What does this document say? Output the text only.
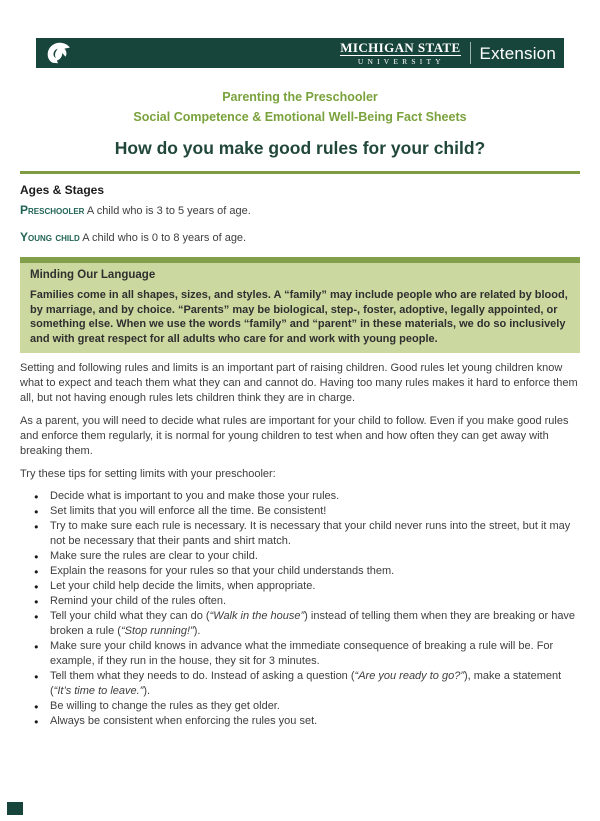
MICHIGAN STATE
UNIVERSITY	Extension
Parenting the Preschooler
Social Competence & Emotional Well-Being Fact Sheets
How do you make good rules for your child?
Ages & Stages
Preschooler A child who is 3 to 5 years of age.
Young child A child who is 0 to 8 years of age.
Minding Our Language
Families come in all shapes, sizes, and styles. A “family” may include people who are related by blood, by marriage, and by choice. “Parents” may be biological, step-, foster, adoptive, legally appointed, or something else. When we use the words “family” and “parent” in these materials, we do so inclusively and with great respect for all adults who care for and work with young people.

Setting and following rules and limits is an important part of raising children. Good rules let young children know what to expect and teach them what they can and cannot do. Having too many rules makes it hard to enforce them all, but not having enough rules lets children think they are in charge.

As a parent, you will need to decide what rules are important for your child to follow. Even if you make good rules and enforce them regularly, it is normal for young children to test when and how often they can get away with breaking them.

Try these tips for setting limits with your preschooler:

● Decide what is important to you and make those your rules.
● Set limits that you will enforce all the time. Be consistent!
● Try to make sure each rule is necessary. It is necessary that your child never runs into the street, but it may not be necessary that their pants and shirt match.
● Make sure the rules are clear to your child.
● Explain the reasons for your rules so that your child understands them.
● Let your child help decide the limits, when appropriate.
● Remind your child of the rules often.
● Tell your child what they can do (“Walk in the house”) instead of telling them when they are breaking or have broken a rule (“Stop running!”).
● Make sure your child knows in advance what the immediate consequence of breaking a rule will be. For example, if they run in the house, they sit for 3 minutes.
● Tell them what they needs to do. Instead of asking a question (“Are you ready to go?”), make a statement (“It’s time to leave.”).
● Be willing to change the rules as they get older.
● Always be consistent when enforcing the rules you set.
